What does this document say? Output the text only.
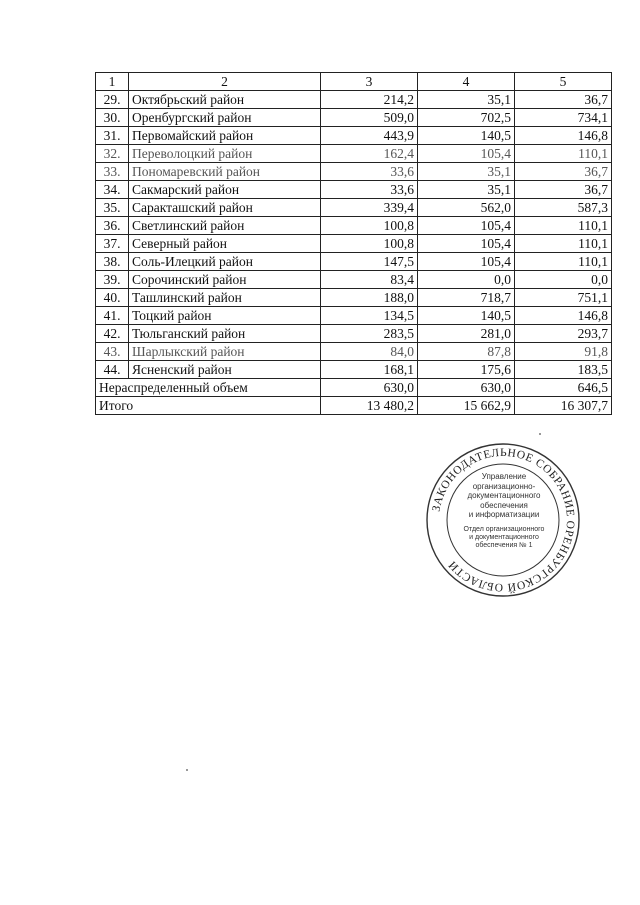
1	2	3	4	5
29.	Октябрьский район	214,2	35,1	36,7
30.	Оренбургский район	509,0	702,5	734,1
31.	Первомайский район	443,9	140,5	146,8
32.	Переволоцкий район	162,4	105,4	110,1
33.	Пономаревский район	33,6	35,1	36,7
34.	Сакмарский район	33,6	35,1	36,7
35.	Саракташский район	339,4	562,0	587,3
36.	Светлинский район	100,8	105,4	110,1
37.	Северный район	100,8	105,4	110,1
38.	Соль-Илецкий район	147,5	105,4	110,1
39.	Сорочинский район	83,4	0,0	0,0
40.	Ташлинский район	188,0	718,7	751,1
41.	Тоцкий район	134,5	140,5	146,8
42.	Тюльганский район	283,5	281,0	293,7
43.	Шарлыкский район	84,0	87,8	91,8
44.	Ясненский район	168,1	175,6	183,5
Нераспределенный объем		630,0	630,0	646,5
Итого		13 480,2	15 662,9	16 307,7
ЗАКОНОДАТЕЛЬНОЕ СОБРАНИЕ ОРЕНБУРГСКОЙ ОБЛАСТИ
Управление
организационно-
документационного
обеспечения
и информатизации
Отдел организационного
и документационного
обеспечения № 1
